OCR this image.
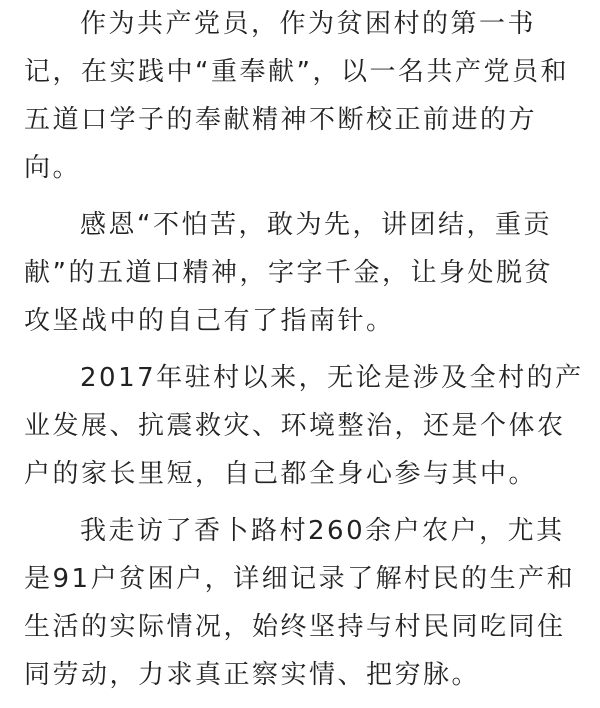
作为共产党员，作为贫困村的第一书
记，在实践中“重奉献”，以一名共产党员和
五道口学子的奉献精神不断校正前进的方
向。

感恩“不怕苦，敢为先，讲团结，重贡
献”的五道口精神，字字千金，让身处脱贫
攻坚战中的自己有了指南针。

2017年驻村以来，无论是涉及全村的产
业发展、抗震救灾、环境整治，还是个体农
户的家长里短，自己都全身心参与其中。

我走访了香卜路村260余户农户，尤其
是91户贫困户，详细记录了解村民的生产和
生活的实际情况，始终坚持与村民同吃同住
同劳动，力求真正察实情、把穷脉。
